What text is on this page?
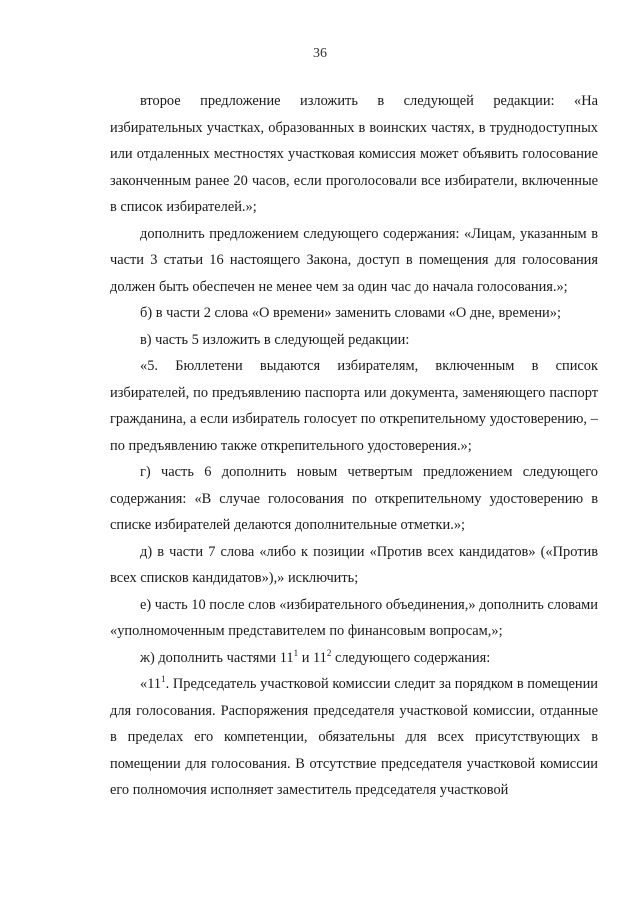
36

второе предложение изложить в следующей редакции: «На избирательных участках, образованных в воинских частях, в труднодоступных или отдаленных местностях участковая комиссия может объявить голосование законченным ранее 20 часов, если проголосовали все избиратели, включенные в список избирателей.»;

дополнить предложением следующего содержания: «Лицам, указанным в части 3 статьи 16 настоящего Закона, доступ в помещения для голосования должен быть обеспечен не менее чем за один час до начала голосования.»;

б) в части 2 слова «О времени» заменить словами «О дне, времени»;

в) часть 5 изложить в следующей редакции:

«5. Бюллетени выдаются избирателям, включенным в список избирателей, по предъявлению паспорта или документа, заменяющего паспорт гражданина, а если избиратель голосует по открепительному удостоверению, – по предъявлению также открепительного удостоверения.»;

г) часть 6 дополнить новым четвертым предложением следующего содержания: «В случае голосования по открепительному удостоверению в списке избирателей делаются дополнительные отметки.»;

д) в части 7 слова «либо к позиции «Против всех кандидатов» («Против всех списков кандидатов»),» исключить;

е) часть 10 после слов «избирательного объединения,» дополнить словами «уполномоченным представителем по финансовым вопросам,»;

ж) дополнить частями $11^1$ и $11^2$ следующего содержания:

«$11^1$. Председатель участковой комиссии следит за порядком в помещении для голосования. Распоряжения председателя участковой комиссии, отданные в пределах его компетенции, обязательны для всех присутствующих в помещении для голосования. В отсутствие председателя участковой комиссии его полномочия исполняет заместитель председателя участковой
